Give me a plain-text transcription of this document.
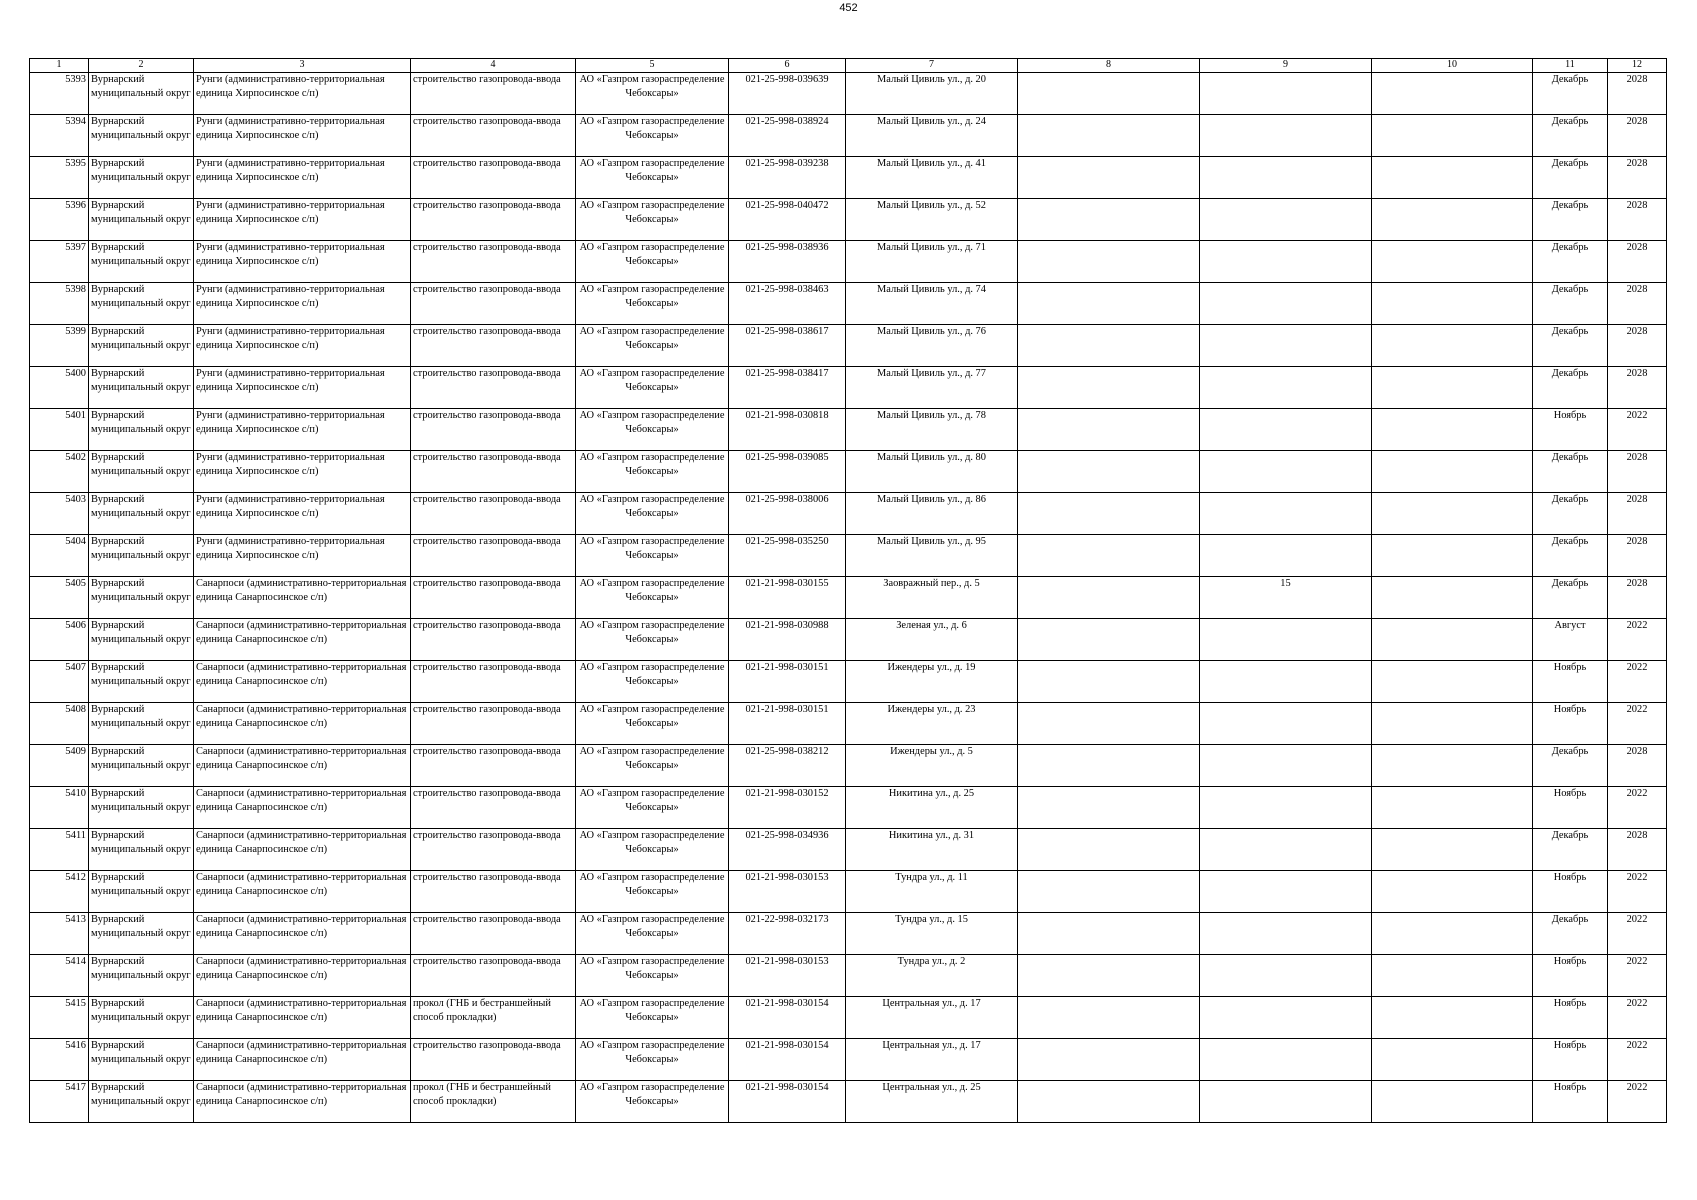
452
1	2	3	4	5	6	7	8	9	10	11	12

5393	Вурнарский муниципальный округ	Рунги (административно-территориальная единица Хирпосинское с/п)	строительство газопровода-ввода	АО «Газпром газораспределение Чебоксары»	021-25-998-039639	Малый Цивиль ул., д. 20				Декабрь	2028

5394	Вурнарский муниципальный округ	Рунги (административно-территориальная единица Хирпосинское с/п)	строительство газопровода-ввода	АО «Газпром газораспределение Чебоксары»	021-25-998-038924	Малый Цивиль ул., д. 24				Декабрь	2028

5395	Вурнарский муниципальный округ	Рунги (административно-территориальная единица Хирпосинское с/п)	строительство газопровода-ввода	АО «Газпром газораспределение Чебоксары»	021-25-998-039238	Малый Цивиль ул., д. 41				Декабрь	2028

5396	Вурнарский муниципальный округ	Рунги (административно-территориальная единица Хирпосинское с/п)	строительство газопровода-ввода	АО «Газпром газораспределение Чебоксары»	021-25-998-040472	Малый Цивиль ул., д. 52				Декабрь	2028

5397	Вурнарский муниципальный округ	Рунги (административно-территориальная единица Хирпосинское с/п)	строительство газопровода-ввода	АО «Газпром газораспределение Чебоксары»	021-25-998-038936	Малый Цивиль ул., д. 71				Декабрь	2028

5398	Вурнарский муниципальный округ	Рунги (административно-территориальная единица Хирпосинское с/п)	строительство газопровода-ввода	АО «Газпром газораспределение Чебоксары»	021-25-998-038463	Малый Цивиль ул., д. 74				Декабрь	2028

5399	Вурнарский муниципальный округ	Рунги (административно-территориальная единица Хирпосинское с/п)	строительство газопровода-ввода	АО «Газпром газораспределение Чебоксары»	021-25-998-038617	Малый Цивиль ул., д. 76				Декабрь	2028

5400	Вурнарский муниципальный округ	Рунги (административно-территориальная единица Хирпосинское с/п)	строительство газопровода-ввода	АО «Газпром газораспределение Чебоксары»	021-25-998-038417	Малый Цивиль ул., д. 77				Декабрь	2028

5401	Вурнарский муниципальный округ	Рунги (административно-территориальная единица Хирпосинское с/п)	строительство газопровода-ввода	АО «Газпром газораспределение Чебоксары»	021-21-998-030818	Малый Цивиль ул., д. 78				Ноябрь	2022

5402	Вурнарский муниципальный округ	Рунги (административно-территориальная единица Хирпосинское с/п)	строительство газопровода-ввода	АО «Газпром газораспределение Чебоксары»	021-25-998-039085	Малый Цивиль ул., д. 80				Декабрь	2028

5403	Вурнарский муниципальный округ	Рунги (административно-территориальная единица Хирпосинское с/п)	строительство газопровода-ввода	АО «Газпром газораспределение Чебоксары»	021-25-998-038006	Малый Цивиль ул., д. 86				Декабрь	2028

5404	Вурнарский муниципальный округ	Рунги (административно-территориальная единица Хирпосинское с/п)	строительство газопровода-ввода	АО «Газпром газораспределение Чебоксары»	021-25-998-035250	Малый Цивиль ул., д. 95				Декабрь	2028

5405	Вурнарский муниципальный округ	Санарпоси (административно-территориальная единица Санарпосинское с/п)	строительство газопровода-ввода	АО «Газпром газораспределение Чебоксары»	021-21-998-030155	Заовражный пер., д. 5		15		Декабрь	2028

5406	Вурнарский муниципальный округ	Санарпоси (административно-территориальная единица Санарпосинское с/п)	строительство газопровода-ввода	АО «Газпром газораспределение Чебоксары»	021-21-998-030988	Зеленая ул., д. 6				Август	2022

5407	Вурнарский муниципальный округ	Санарпоси (административно-территориальная единица Санарпосинское с/п)	строительство газопровода-ввода	АО «Газпром газораспределение Чебоксары»	021-21-998-030151	Ижендеры ул., д. 19				Ноябрь	2022

5408	Вурнарский муниципальный округ	Санарпоси (административно-территориальная единица Санарпосинское с/п)	строительство газопровода-ввода	АО «Газпром газораспределение Чебоксары»	021-21-998-030151	Ижендеры ул., д. 23				Ноябрь	2022

5409	Вурнарский муниципальный округ	Санарпоси (административно-территориальная единица Санарпосинское с/п)	строительство газопровода-ввода	АО «Газпром газораспределение Чебоксары»	021-25-998-038212	Ижендеры ул., д. 5				Декабрь	2028

5410	Вурнарский муниципальный округ	Санарпоси (административно-территориальная единица Санарпосинское с/п)	строительство газопровода-ввода	АО «Газпром газораспределение Чебоксары»	021-21-998-030152	Никитина ул., д. 25				Ноябрь	2022

5411	Вурнарский муниципальный округ	Санарпоси (административно-территориальная единица Санарпосинское с/п)	строительство газопровода-ввода	АО «Газпром газораспределение Чебоксары»	021-25-998-034936	Никитина ул., д. 31				Декабрь	2028

5412	Вурнарский муниципальный округ	Санарпоси (административно-территориальная единица Санарпосинское с/п)	строительство газопровода-ввода	АО «Газпром газораспределение Чебоксары»	021-21-998-030153	Тундра ул., д. 11				Ноябрь	2022

5413	Вурнарский муниципальный округ	Санарпоси (административно-территориальная единица Санарпосинское с/п)	строительство газопровода-ввода	АО «Газпром газораспределение Чебоксары»	021-22-998-032173	Тундра ул., д. 15				Декабрь	2022

5414	Вурнарский муниципальный округ	Санарпоси (административно-территориальная единица Санарпосинское с/п)	строительство газопровода-ввода	АО «Газпром газораспределение Чебоксары»	021-21-998-030153	Тундра ул., д. 2				Ноябрь	2022

5415	Вурнарский муниципальный округ	Санарпоси (административно-территориальная единица Санарпосинское с/п)	прокол (ГНБ и бестраншейный способ прокладки)	АО «Газпром газораспределение Чебоксары»	021-21-998-030154	Центральная ул., д. 17				Ноябрь	2022

5416	Вурнарский муниципальный округ	Санарпоси (административно-территориальная единица Санарпосинское с/п)	строительство газопровода-ввода	АО «Газпром газораспределение Чебоксары»	021-21-998-030154	Центральная ул., д. 17				Ноябрь	2022

5417	Вурнарский муниципальный округ	Санарпоси (административно-территориальная единица Санарпосинское с/п)	прокол (ГНБ и бестраншейный способ прокладки)	АО «Газпром газораспределение Чебоксары»	021-21-998-030154	Центральная ул., д. 25				Ноябрь	2022
